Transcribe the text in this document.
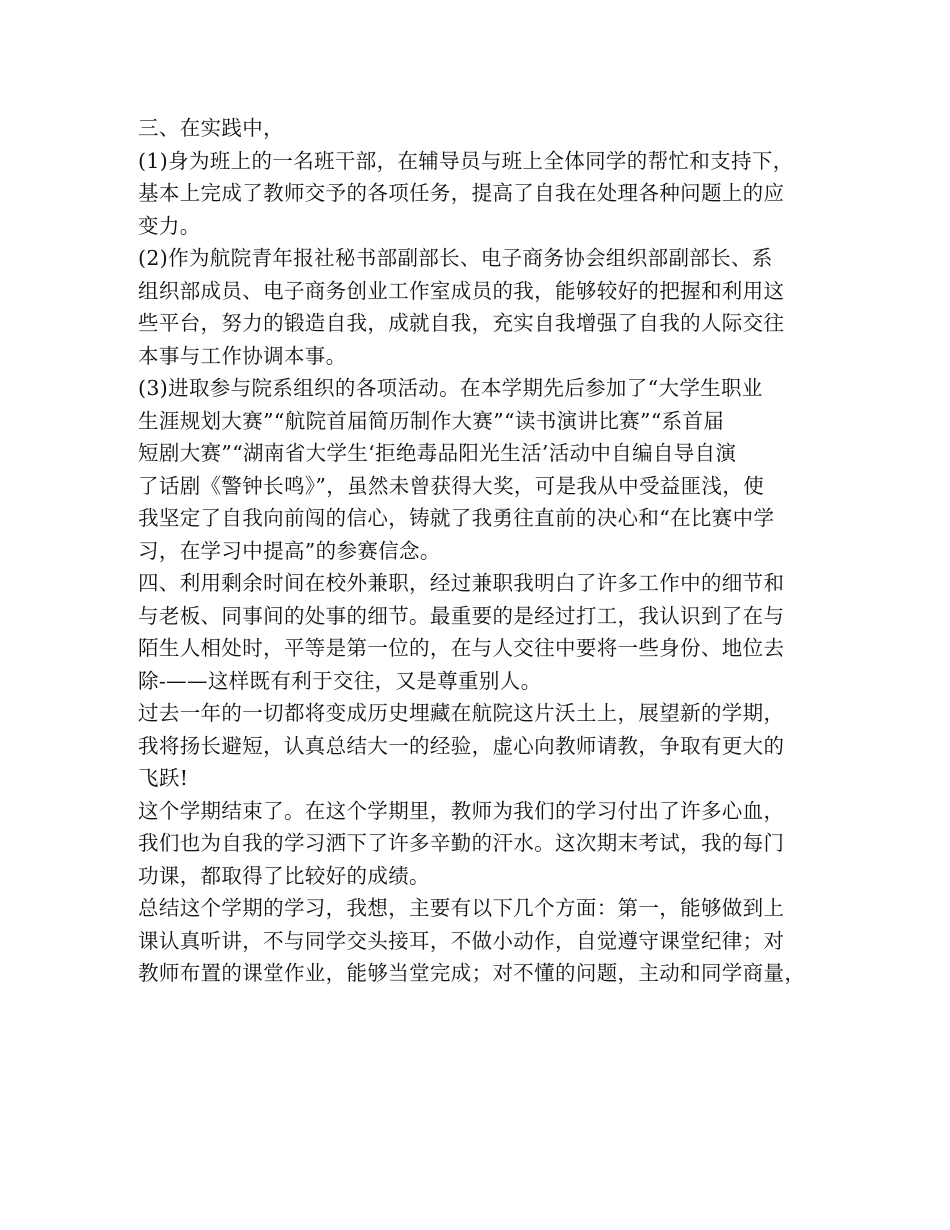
三、在实践中，
(1)身为班上的一名班干部，在辅导员与班上全体同学的帮忙和支持下，
基本上完成了教师交予的各项任务，提高了自我在处理各种问题上的应
变力。
(2)作为航院青年报社秘书部副部长、电子商务协会组织部副部长、系
组织部成员、电子商务创业工作室成员的我，能够较好的把握和利用这
些平台，努力的锻造自我，成就自我，充实自我增强了自我的人际交往
本事与工作协调本事。
(3)进取参与院系组织的各项活动。在本学期先后参加了“大学生职业
生涯规划大赛”“航院首届简历制作大赛”“读书演讲比赛”“系首届
短剧大赛”“湖南省大学生‘拒绝毒品阳光生活’活动中自编自导自演
了话剧《警钟长鸣》”，虽然未曾获得大奖，可是我从中受益匪浅，使
我坚定了自我向前闯的信心，铸就了我勇往直前的决心和“在比赛中学
习，在学习中提高”的参赛信念。
四、利用剩余时间在校外兼职，经过兼职我明白了许多工作中的细节和
与老板、同事间的处事的细节。最重要的是经过打工，我认识到了在与
陌生人相处时，平等是第一位的，在与人交往中要将一些身份、地位去
除-——这样既有利于交往，又是尊重别人。
过去一年的一切都将变成历史埋藏在航院这片沃土上，展望新的学期，
我将扬长避短，认真总结大一的经验，虚心向教师请教，争取有更大的
飞跃!
这个学期结束了。在这个学期里，教师为我们的学习付出了许多心血，
我们也为自我的学习洒下了许多辛勤的汗水。这次期末考试，我的每门
功课，都取得了比较好的成绩。
总结这个学期的学习，我想，主要有以下几个方面：第一，能够做到上
课认真听讲，不与同学交头接耳，不做小动作，自觉遵守课堂纪律；对
教师布置的课堂作业，能够当堂完成；对不懂的问题，主动和同学商量，
